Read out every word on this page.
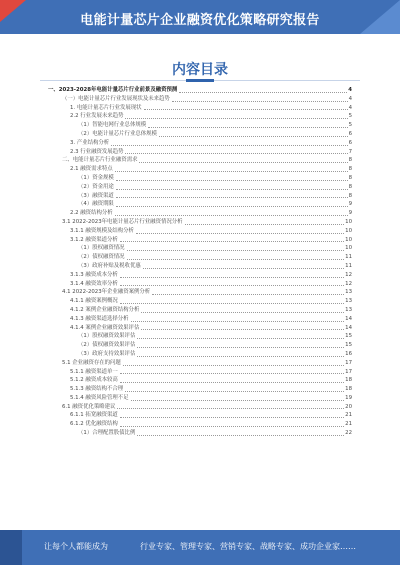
电能计量芯片企业融资优化策略研究报告
内容目录
一、2023-2028年电能计量芯片行业前景及融资预测	4
（一）电能计量芯片行业发展现状及未来趋势	4
1. 电能计量芯片行业发展现状	4
2.2 行业发展未来趋势	5
（1）智能电网行业总体规模	5
（2）电能计量芯片行业总体规模	6
3. 产业结构分析	6
2.3 行业融资发展趋势	7
二、电能计量芯片行业融资需求	8
2.1 融资需求特点	8
（1）资金规模	8
（2）资金用途	8
（3）融资渠道	8
（4）融资期限	9
2.2 融资结构分析	9
3.1 2022-2023年电能计量芯片行业融资情况分析	10
3.1.1 融资规模及结构分析	10
3.1.2 融资渠道分析	10
（1）股权融资情况	10
（2）债权融资情况	11
（3）政府补贴及税收优惠	11
3.1.3 融资成本分析	12
3.1.4 融资效率分析	12
4.1 2022-2023年企业融资案例分析	13
4.1.1 融资案例概况	13
4.1.2 案例企业融资结构分析	13
4.1.3 融资渠道选择分析	14
4.1.4 案例企业融资效果评估	14
（1）股权融资效果评估	15
（2）债权融资效果评估	15
（3）政府支持效果评估	16
5.1 企业融资存在的问题	17
5.1.1 融资渠道单一	17
5.1.2 融资成本较高	18
5.1.3 融资结构不合理	18
5.1.4 融资风险管理不足	19
6.1 融资优化策略建议	20
6.1.1 拓宽融资渠道	21
6.1.2 优化融资结构	21
（1）合理配置股债比例	22
让每个人都能成为	行业专家、管理专家、营销专家、战略专家、成功企业家……
